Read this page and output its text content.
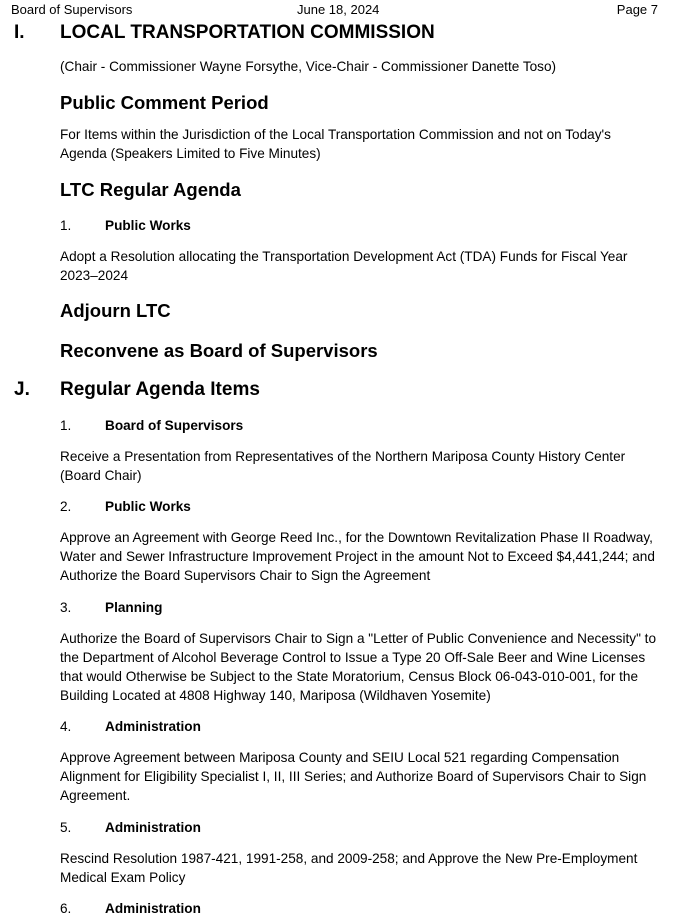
Board of Supervisors	June 18, 2024	Page 7
I. LOCAL TRANSPORTATION COMMISSION
(Chair - Commissioner Wayne Forsythe, Vice-Chair - Commissioner Danette Toso)
Public Comment Period
For Items within the Jurisdiction of the Local Transportation Commission and not on Today's Agenda (Speakers Limited to Five Minutes)
LTC Regular Agenda
1. Public Works
Adopt a Resolution allocating the Transportation Development Act (TDA) Funds for Fiscal Year 2023–2024
Adjourn LTC
Reconvene as Board of Supervisors
J. Regular Agenda Items
1. Board of Supervisors
Receive a Presentation from Representatives of the Northern Mariposa County History Center (Board Chair)
2. Public Works
Approve an Agreement with George Reed Inc., for the Downtown Revitalization Phase II Roadway, Water and Sewer Infrastructure Improvement Project in the amount Not to Exceed $4,441,244; and Authorize the Board Supervisors Chair to Sign the Agreement
3. Planning
Authorize the Board of Supervisors Chair to Sign a "Letter of Public Convenience and Necessity" to the Department of Alcohol Beverage Control to Issue a Type 20 Off-Sale Beer and Wine Licenses that would Otherwise be Subject to the State Moratorium, Census Block 06-043-010-001, for the Building Located at 4808 Highway 140, Mariposa (Wildhaven Yosemite)
4. Administration
Approve Agreement between Mariposa County and SEIU Local 521 regarding Compensation Alignment for Eligibility Specialist I, II, III Series; and Authorize Board of Supervisors Chair to Sign Agreement.
5. Administration
Rescind Resolution 1987-421, 1991-258, and 2009-258; and Approve the New Pre-Employment Medical Exam Policy
6. Administration
